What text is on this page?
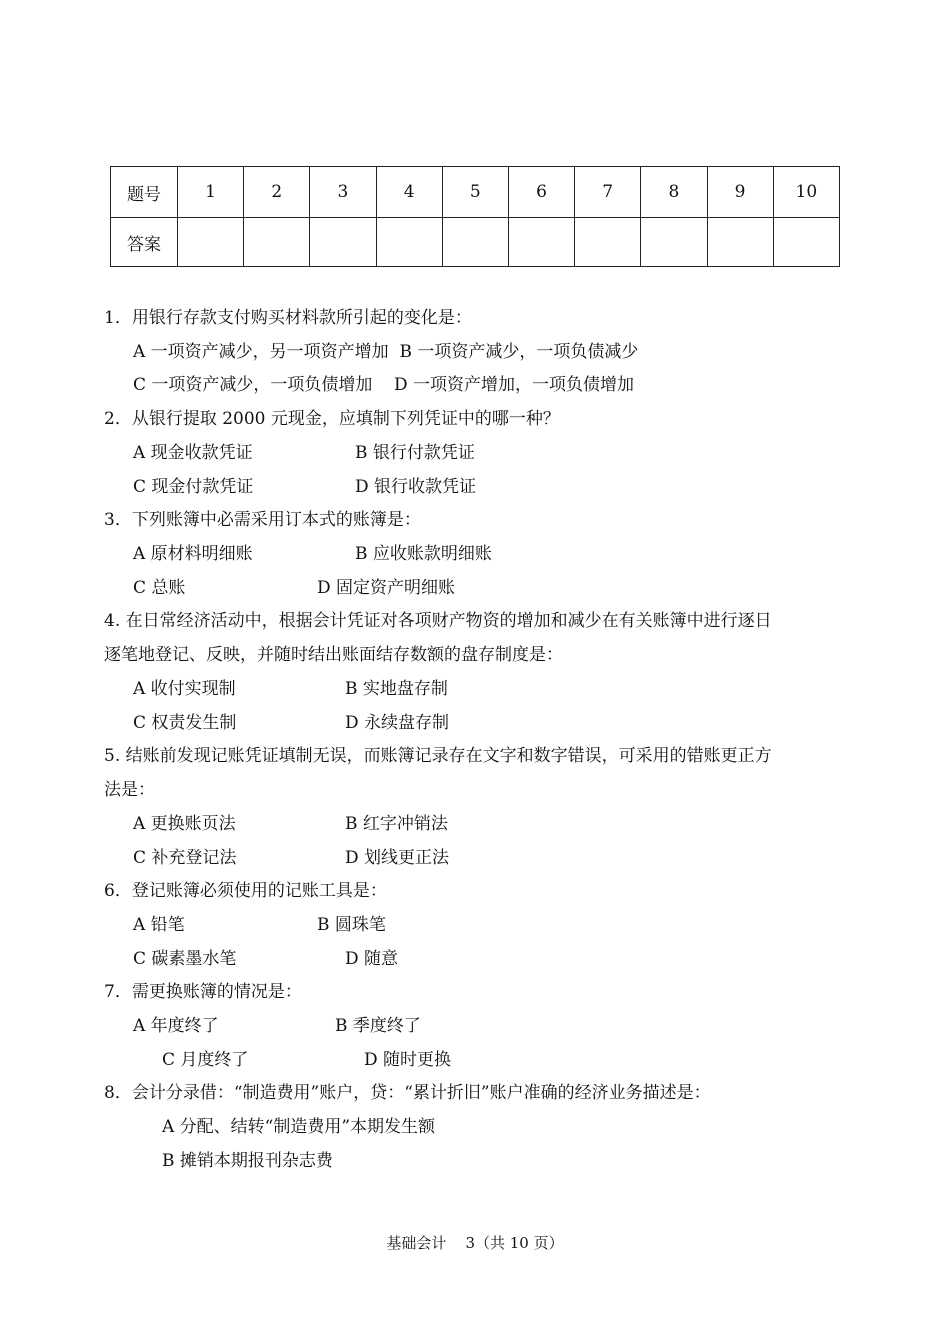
题号	1	2	3	4	5	6	7	8	9	10
答案										
1．用银行存款支付购买材料款所引起的变化是：
A 一项资产减少，另一项资产增加  B 一项资产减少，一项负债减少
C 一项资产减少，一项负债增加    D 一项资产增加，一项负债增加
2．从银行提取 2000 元现金，应填制下列凭证中的哪一种？
A 现金收款凭证	B 银行付款凭证
C 现金付款凭证	D 银行收款凭证
3．下列账簿中必需采用订本式的账簿是：
A 原材料明细账	B 应收账款明细账
C 总账	D 固定资产明细账
4. 在日常经济活动中，根据会计凭证对各项财产物资的增加和减少在有关账簿中进行逐日
逐笔地登记、反映，并随时结出账面结存数额的盘存制度是：
A 收付实现制	B 实地盘存制
C 权责发生制	D 永续盘存制
5. 结账前发现记账凭证填制无误，而账簿记录存在文字和数字错误，可采用的错账更正方
法是：
A 更换账页法	B 红字冲销法
C 补充登记法	D 划线更正法
6．登记账簿必须使用的记账工具是：
A 铅笔	B 圆珠笔
C 碳素墨水笔	D 随意
7．需更换账簿的情况是：
A 年度终了	B 季度终了
C 月度终了	D 随时更换
8．会计分录借：“制造费用”账户，贷：“累计折旧”账户准确的经济业务描述是：
A 分配、结转“制造费用”本期发生额
B 摊销本期报刊杂志费
基础会计    3（共 10 页）
